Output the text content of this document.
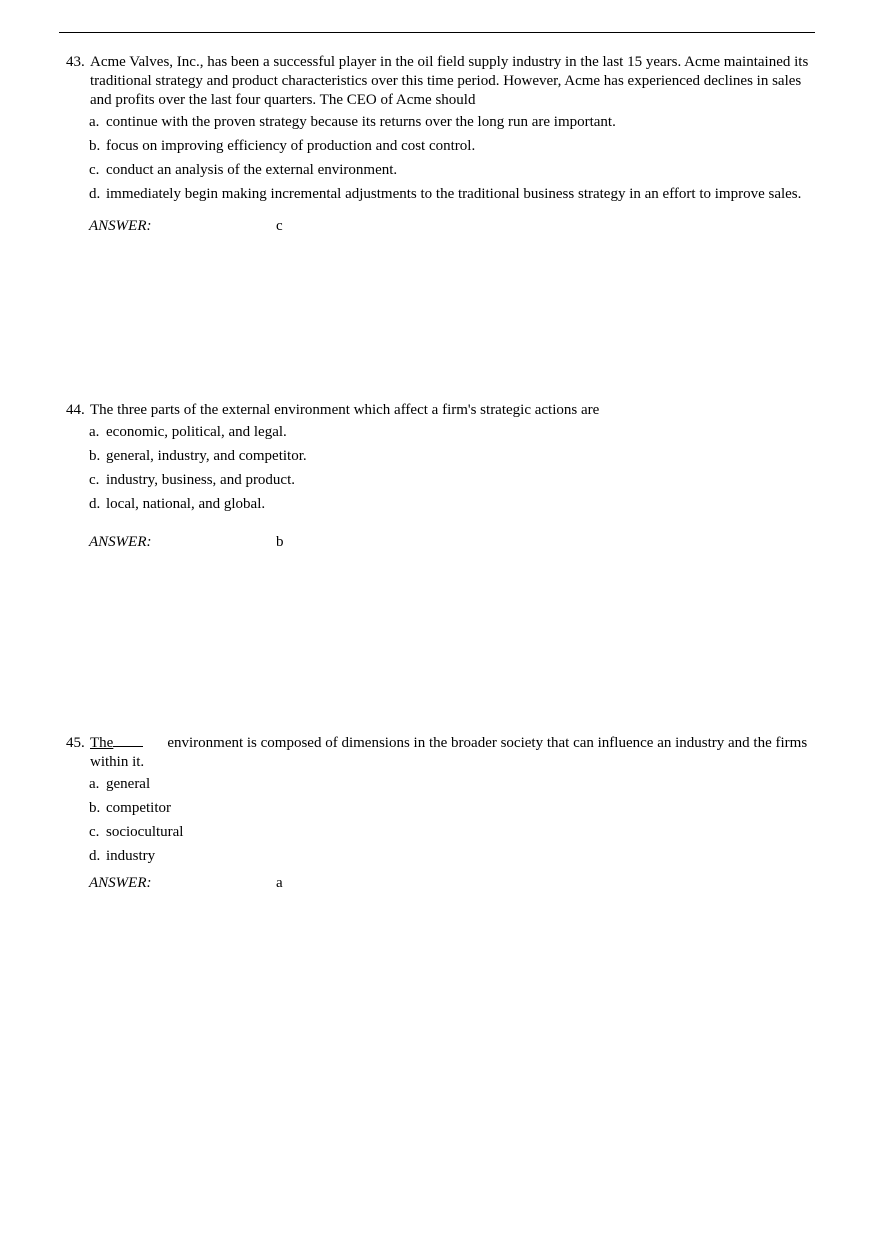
43. Acme Valves, Inc., has been a successful player in the oil field supply industry in the last 15 years. Acme maintained its traditional strategy and product characteristics over this time period. However, Acme has experienced declines in sales and profits over the last four quarters. The CEO of Acme should
a. continue with the proven strategy because its returns over the long run are important.
b. focus on improving efficiency of production and cost control.
c. conduct an analysis of the external environment.
d. immediately begin making incremental adjustments to the traditional business strategy in an effort to improve sales.
ANSWER:	c
44. The three parts of the external environment which affect a firm's strategic actions are
a. economic, political, and legal.
b. general, industry, and competitor.
c. industry, business, and product.
d. local, national, and global.
ANSWER:	b
45. The	environment is composed of dimensions in the broader society that can influence an industry and the firms within it.
a. general
b. competitor
c. sociocultural
d. industry
ANSWER:	a
